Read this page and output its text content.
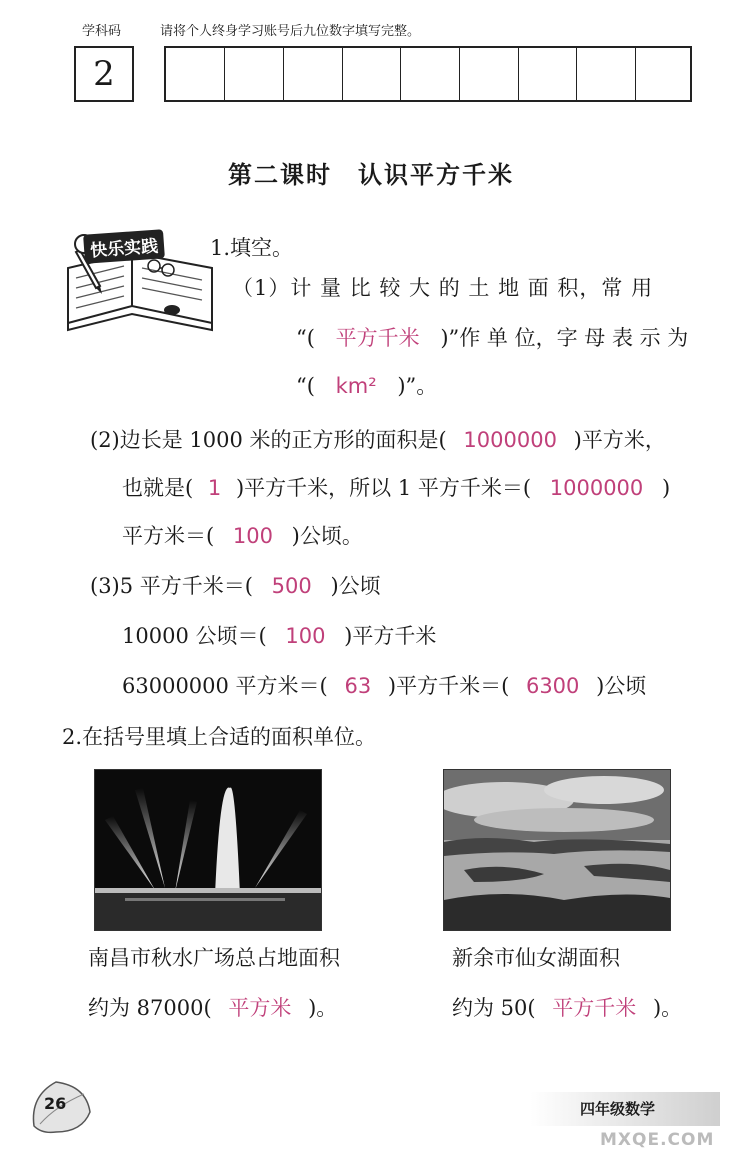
学科码	请将个人终身学习账号后九位数字填写完整。
2
第二课时　认识平方千米
快乐实践 1.填空。
（1）计 量 比 较 大 的 土 地 面 积，常 用
“( 平方千米 )”作 单 位，字 母 表 示 为
“( km² )”。
(2)边长是 1000 米的正方形的面积是( 1000000 )平方米，
也就是( 1 )平方千米，所以 1 平方千米＝( 1000000 )
平方米＝( 100 )公顷。
(3)5 平方千米＝( 500 )公顷
10000 公顷＝( 100 )平方千米
63000000 平方米＝( 63 )平方千米＝( 6300 )公顷
2.在括号里填上合适的面积单位。
南昌市秋水广场总占地面积
约为 87000( 平方米 )。
新余市仙女湖面积
约为 50( 平方千米 )。
26	四年级数学
MXQE.COM
